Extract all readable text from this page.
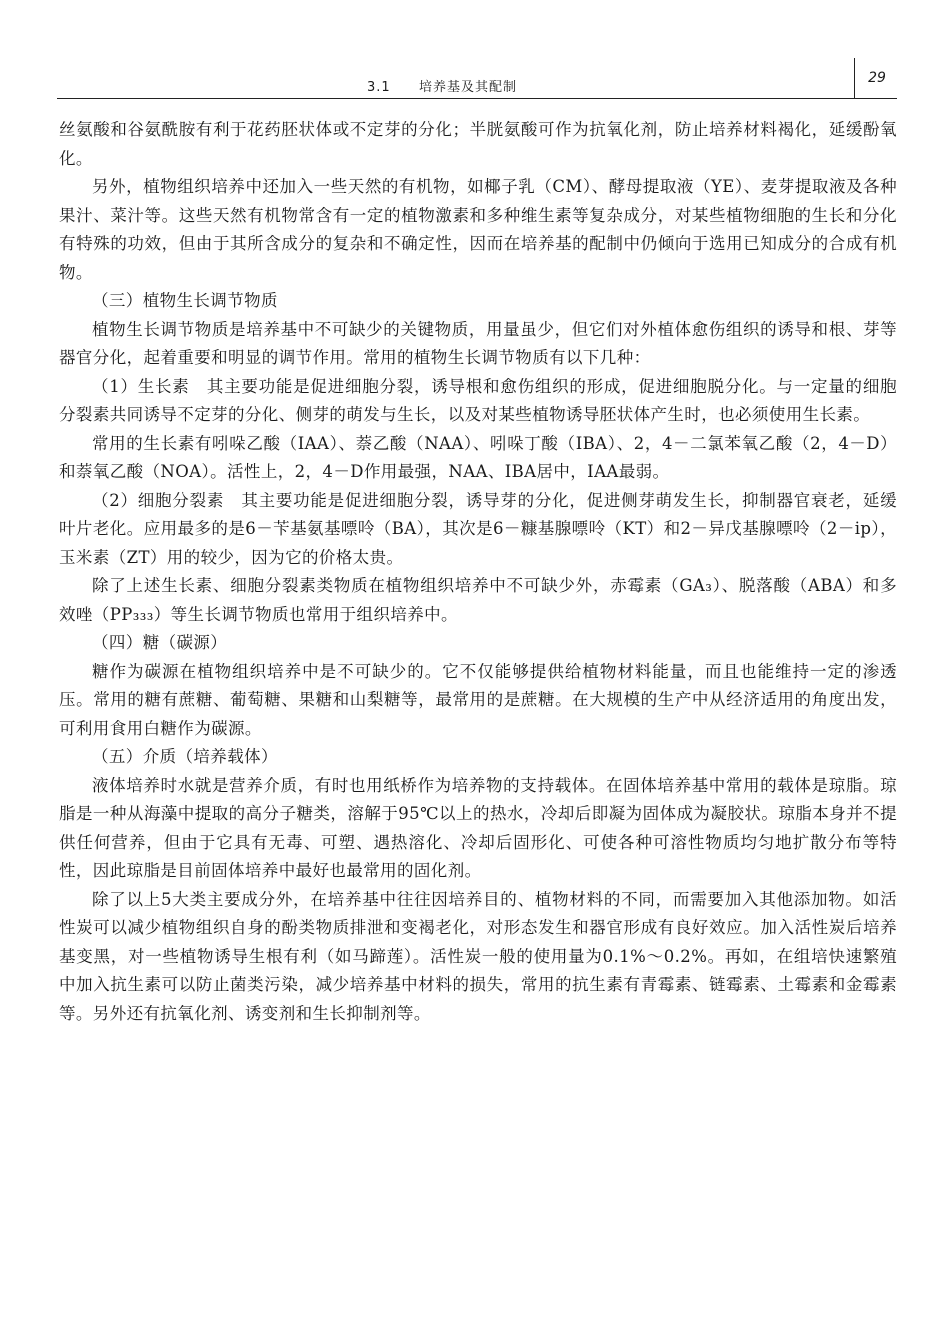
3.1 培养基及其配制
29

丝氨酸和谷氨酰胺有利于花药胚状体或不定芽的分化；半胱氨酸可作为抗氧化剂，防止培养材料褐化，延缓酚氧化。

另外，植物组织培养中还加入一些天然的有机物，如椰子乳（CM）、酵母提取液（YE）、麦芽提取液及各种果汁、菜汁等。这些天然有机物常含有一定的植物激素和多种维生素等复杂成分，对某些植物细胞的生长和分化有特殊的功效，但由于其所含成分的复杂和不确定性，因而在培养基的配制中仍倾向于选用已知成分的合成有机物。

（三）植物生长调节物质

植物生长调节物质是培养基中不可缺少的关键物质，用量虽少，但它们对外植体愈伤组织的诱导和根、芽等器官分化，起着重要和明显的调节作用。常用的植物生长调节物质有以下几种：

（1）生长素　其主要功能是促进细胞分裂，诱导根和愈伤组织的形成，促进细胞脱分化。与一定量的细胞分裂素共同诱导不定芽的分化、侧芽的萌发与生长，以及对某些植物诱导胚状体产生时，也必须使用生长素。

常用的生长素有吲哚乙酸（IAA）、萘乙酸（NAA）、吲哚丁酸（IBA）、2，4－二氯苯氧乙酸（2，4－D）和萘氧乙酸（NOA）。活性上，2，4－D作用最强，NAA、IBA居中，IAA最弱。

（2）细胞分裂素　其主要功能是促进细胞分裂，诱导芽的分化，促进侧芽萌发生长，抑制器官衰老，延缓叶片老化。应用最多的是6－苄基氨基嘌呤（BA），其次是6－糠基腺嘌呤（KT）和2－异戊基腺嘌呤（2－ip），玉米素（ZT）用的较少，因为它的价格太贵。

除了上述生长素、细胞分裂素类物质在植物组织培养中不可缺少外，赤霉素（GA₃）、脱落酸（ABA）和多效唑（PP₃₃₃）等生长调节物质也常用于组织培养中。

（四）糖（碳源）

糖作为碳源在植物组织培养中是不可缺少的。它不仅能够提供给植物材料能量，而且也能维持一定的渗透压。常用的糖有蔗糖、葡萄糖、果糖和山梨糖等，最常用的是蔗糖。在大规模的生产中从经济适用的角度出发，可利用食用白糖作为碳源。

（五）介质（培养载体）

液体培养时水就是营养介质，有时也用纸桥作为培养物的支持载体。在固体培养基中常用的载体是琼脂。琼脂是一种从海藻中提取的高分子糖类，溶解于95℃以上的热水，冷却后即凝为固体成为凝胶状。琼脂本身并不提供任何营养，但由于它具有无毒、可塑、遇热溶化、冷却后固形化、可使各种可溶性物质均匀地扩散分布等特性，因此琼脂是目前固体培养中最好也最常用的固化剂。

除了以上5大类主要成分外，在培养基中往往因培养目的、植物材料的不同，而需要加入其他添加物。如活性炭可以减少植物组织自身的酚类物质排泄和变褐老化，对形态发生和器官形成有良好效应。加入活性炭后培养基变黑，对一些植物诱导生根有利（如马蹄莲）。活性炭一般的使用量为0.1%～0.2%。再如，在组培快速繁殖中加入抗生素可以防止菌类污染，减少培养基中材料的损失，常用的抗生素有青霉素、链霉素、土霉素和金霉素等。另外还有抗氧化剂、诱变剂和生长抑制剂等。
